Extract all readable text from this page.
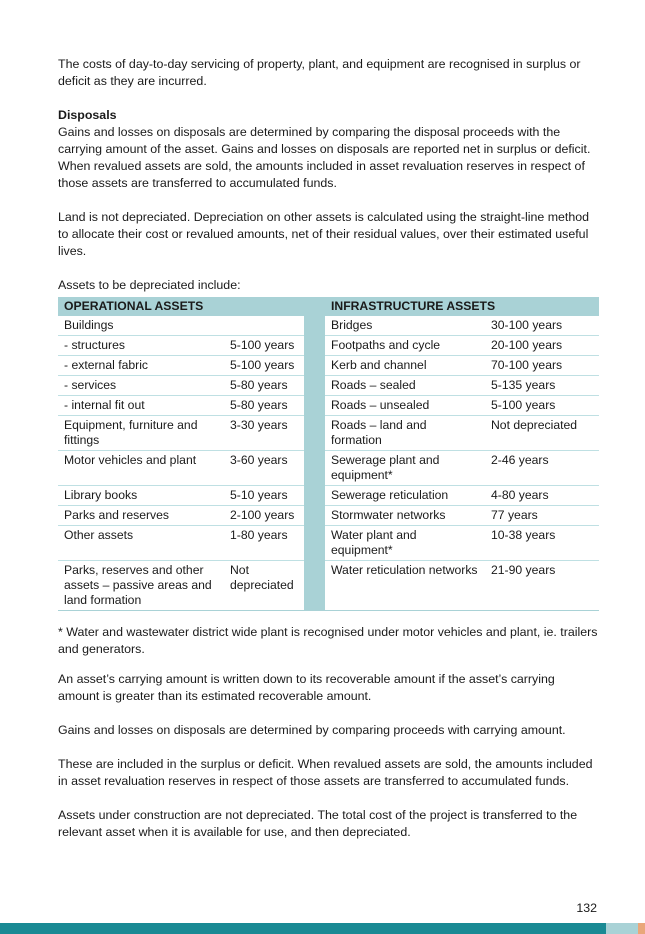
The costs of day-to-day servicing of property, plant, and equipment are recognised in surplus or deficit as they are incurred.

Disposals

Gains and losses on disposals are determined by comparing the disposal proceeds with the carrying amount of the asset. Gains and losses on disposals are reported net in surplus or deficit. When revalued assets are sold, the amounts included in asset revaluation reserves in respect of those assets are transferred to accumulated funds.

Land is not depreciated. Depreciation on other assets is calculated using the straight-line method to allocate their cost or revalued amounts, net of their residual values, over their estimated useful lives.

Assets to be depreciated include:

OPERATIONAL ASSETS			INFRASTRUCTURE ASSETS	
Buildings			Bridges	30-100 years
- structures	5-100 years		Footpaths and cycle	20-100 years
- external fabric	5-100 years		Kerb and channel	70-100 years
- services	5-80 years		Roads – sealed	5-135 years
- internal fit out	5-80 years		Roads – unsealed	5-100 years
Equipment, furniture and fittings	3-30 years		Roads – land and formation	Not depreciated
Motor vehicles and plant	3-60 years		Sewerage plant and equipment*	2-46 years
Library books	5-10 years		Sewerage reticulation	4-80 years
Parks and reserves	2-100 years		Stormwater networks	77 years
Other assets	1-80 years		Water plant and equipment*	10-38 years
Parks, reserves and other assets – passive areas and land formation	Not depreciated		Water reticulation networks	21-90 years

* Water and wastewater district wide plant is recognised under motor vehicles and plant, ie. trailers and generators.

An asset’s carrying amount is written down to its recoverable amount if the asset’s carrying amount is greater than its estimated recoverable amount.

Gains and losses on disposals are determined by comparing proceeds with carrying amount.

These are included in the surplus or deficit. When revalued assets are sold, the amounts included in asset revaluation reserves in respect of those assets are transferred to accumulated funds.

Assets under construction are not depreciated. The total cost of the project is transferred to the relevant asset when it is available for use, and then depreciated.

132
